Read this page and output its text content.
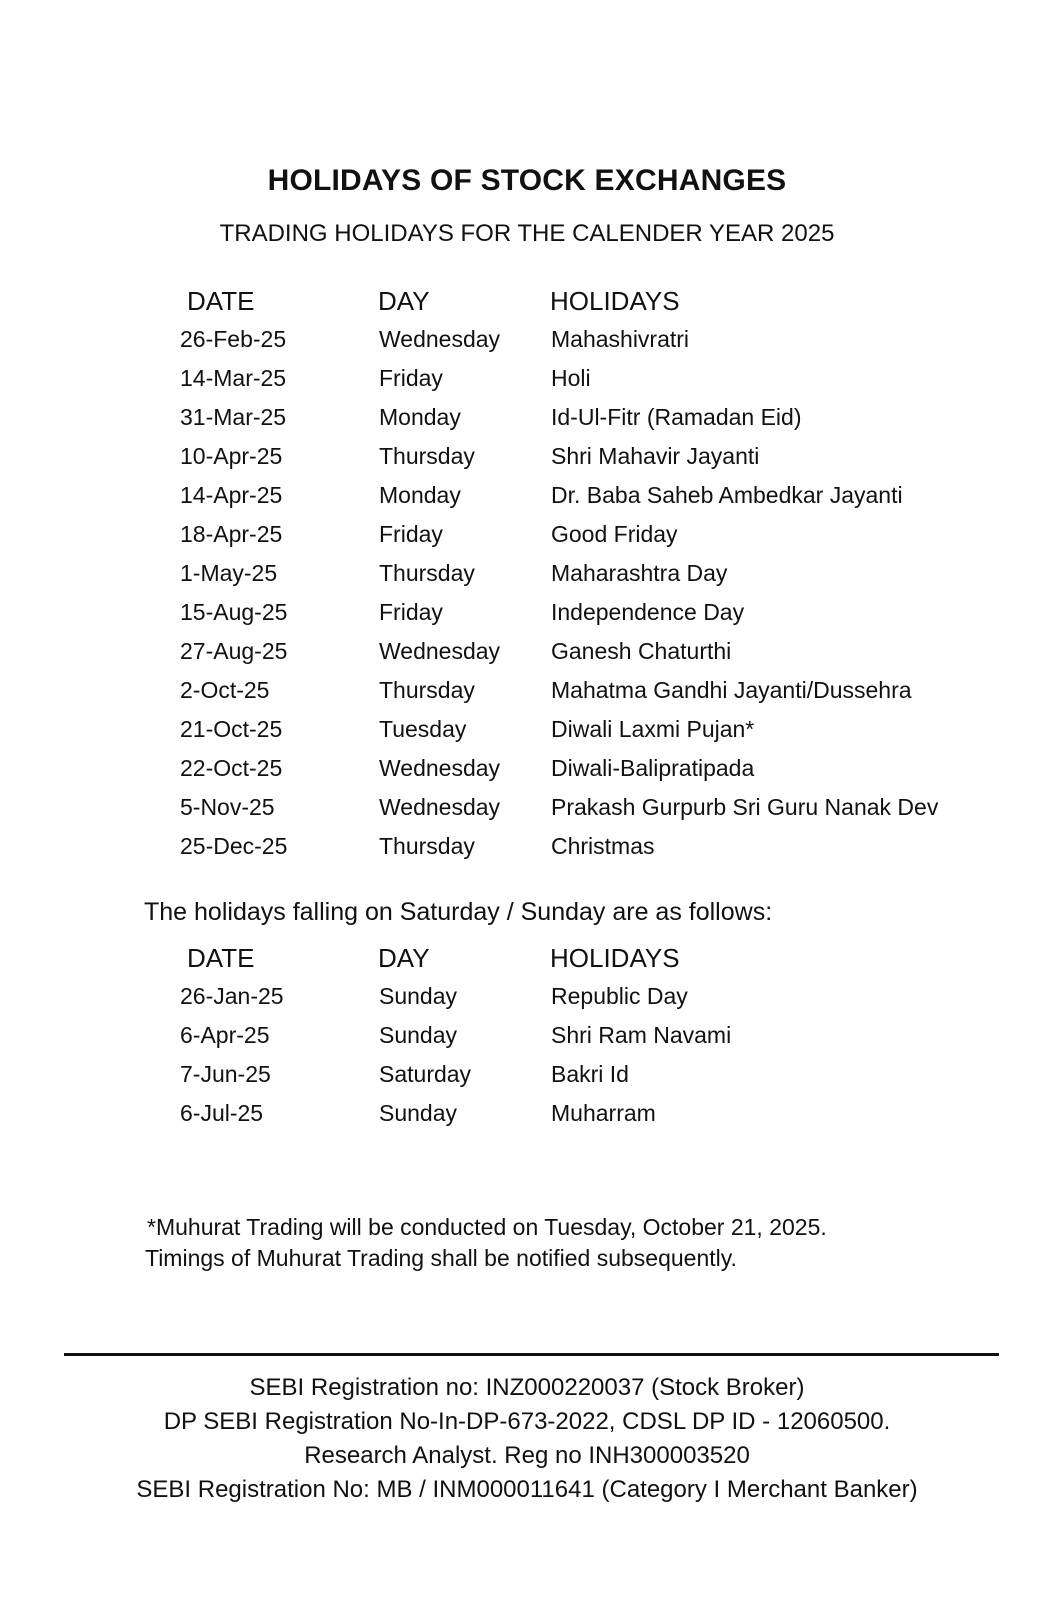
HOLIDAYS OF STOCK EXCHANGES
TRADING HOLIDAYS FOR THE CALENDER YEAR 2025
DATE	DAY	HOLIDAYS
26-Feb-25	Wednesday Mahashivratri
14-Mar-25	Friday	Holi
31-Mar-25	Monday	Id-Ul-Fitr (Ramadan Eid)
10-Apr-25	Thursday	Shri Mahavir Jayanti
14-Apr-25	Monday	Dr. Baba Saheb Ambedkar Jayanti
18-Apr-25	Friday	Good Friday
1-May-25	Thursday	Maharashtra Day
15-Aug-25	Friday	Independence Day
27-Aug-25	Wednesday Ganesh Chaturthi
2-Oct-25	Thursday	Mahatma Gandhi Jayanti/Dussehra
21-Oct-25	Tuesday	Diwali Laxmi Pujan*
22-Oct-25	Wednesday Diwali-Balipratipada
5-Nov-25	Wednesday Prakash Gurpurb Sri Guru Nanak Dev
25-Dec-25	Thursday	Christmas
The holidays falling on Saturday / Sunday are as follows:
DATE	DAY	HOLIDAYS
26-Jan-25	Sunday	Republic Day
6-Apr-25	Sunday	Shri Ram Navami
7-Jun-25	Saturday	Bakri Id
6-Jul-25	Sunday	Muharram
*Muhurat Trading will be conducted on Tuesday, October 21, 2025.
Timings of Muhurat Trading shall be notified subsequently.
SEBI Registration no: INZ000220037 (Stock Broker)
DP SEBI Registration No-In-DP-673-2022, CDSL DP ID - 12060500.
Research Analyst. Reg no INH300003520
SEBI Registration No: MB / INM000011641 (Category I Merchant Banker)
